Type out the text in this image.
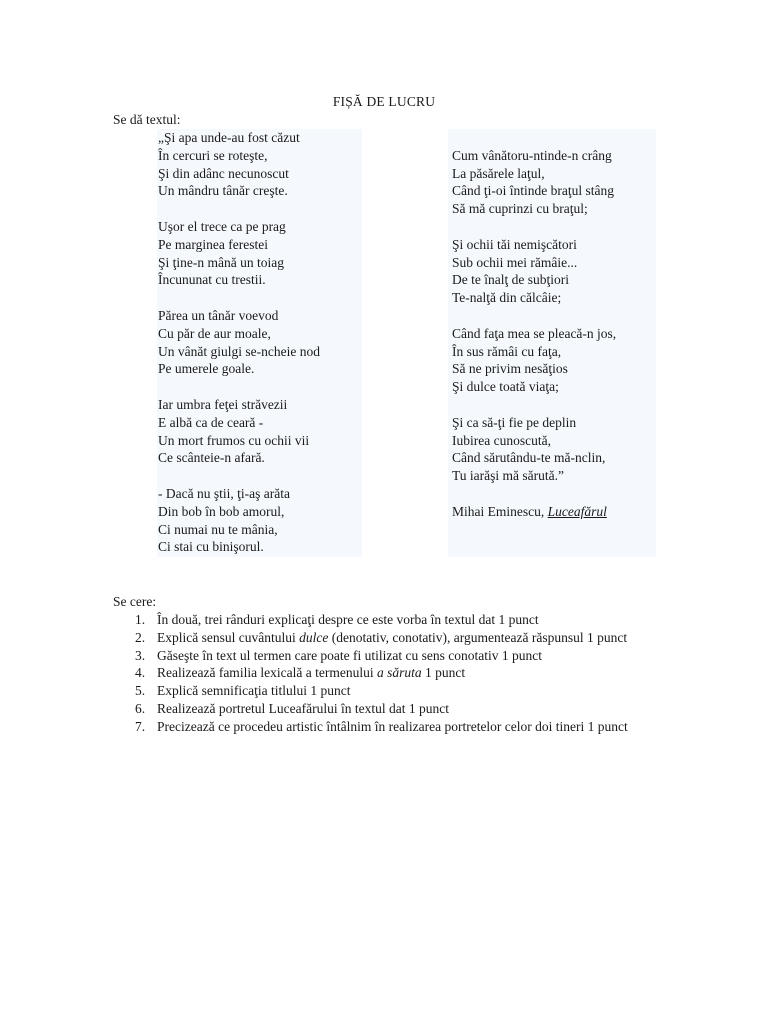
FIȘĂ DE LUCRU
Se dă textul:
„Şi apa unde-au fost căzut
În cercuri se roteşte,
Şi din adânc necunoscut
Un mândru tânăr creşte.
Uşor el trece ca pe prag
Pe marginea ferestei
Şi ţine-n mână un toiag
Încununat cu trestii.
Părea un tânăr voevod
Cu păr de aur moale,
Un vânăt giulgi se-ncheie nod
Pe umerele goale.
Iar umbra feţei străvezii
E albă ca de ceară -
Un mort frumos cu ochii vii
Ce scânteie-n afară.
- Dacă nu ştii, ţi-aş arăta
Din bob în bob amorul,
Ci numai nu te mânia,
Ci stai cu binişorul.
Cum vânătoru-ntinde-n crâng
La păsărele laţul,
Când ţi-oi întinde braţul stâng
Să mă cuprinzi cu braţul;
Şi ochii tăi nemişcători
Sub ochii mei rămâie...
De te înalţ de subţiori
Te-nalţă din călcâie;
Când faţa mea se pleacă-n jos,
În sus rămâi cu faţa,
Să ne privim nesăţios
Şi dulce toată viaţa;
Şi ca să-ţi fie pe deplin
Iubirea cunoscută,
Când sărutându-te mă-nclin,
Tu iarăşi mă sărută.”
Mihai Eminescu, Luceafărul
Se cere:
1. În două, trei rânduri explicaţi despre ce este vorba în textul dat 1 punct
2. Explică sensul cuvântului dulce (denotativ, conotativ), argumentează răspunsul 1 punct
3. Găseşte în text ul termen care poate fi utilizat cu sens conotativ 1 punct
4. Realizează familia lexicală a termenului a săruta 1 punct
5. Explică semnificaţia titlului 1 punct
6. Realizează portretul Luceafărului în textul dat 1 punct
7. Precizează ce procedeu artistic întâlnim în realizarea portretelor celor doi tineri 1 punct
